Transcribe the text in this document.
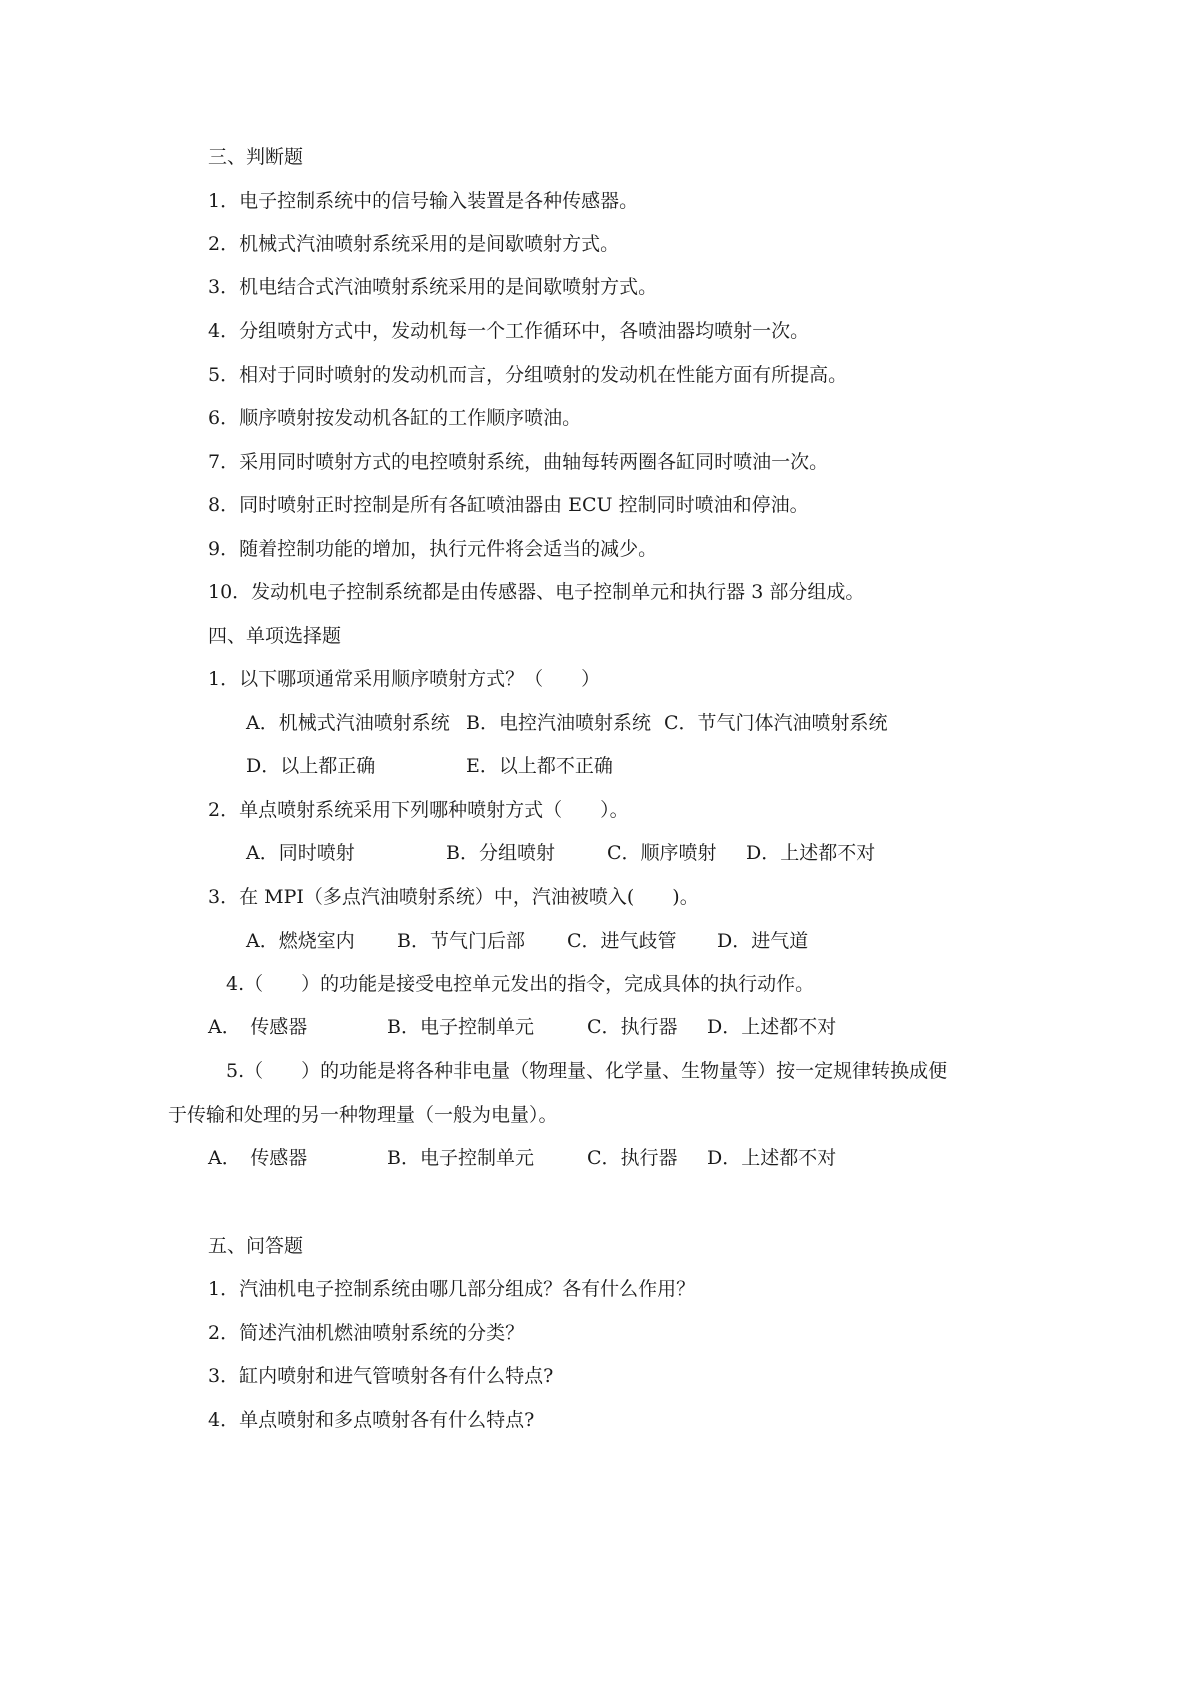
三、判断题
1．电子控制系统中的信号输入装置是各种传感器。
2．机械式汽油喷射系统采用的是间歇喷射方式。
3．机电结合式汽油喷射系统采用的是间歇喷射方式。
4．分组喷射方式中，发动机每一个工作循环中，各喷油器均喷射一次。
5．相对于同时喷射的发动机而言，分组喷射的发动机在性能方面有所提高。
6．顺序喷射按发动机各缸的工作顺序喷油。
7．采用同时喷射方式的电控喷射系统，曲轴每转两圈各缸同时喷油一次。
8．同时喷射正时控制是所有各缸喷油器由 ECU 控制同时喷油和停油。
9．随着控制功能的增加，执行元件将会适当的减少。
10．发动机电子控制系统都是由传感器、电子控制单元和执行器 3 部分组成。
四、单项选择题
1．以下哪项通常采用顺序喷射方式？（　　）
A．机械式汽油喷射系统 B．电控汽油喷射系统 C．节气门体汽油喷射系统
D．以上都正确	E．以上都不正确
2．单点喷射系统采用下列哪种喷射方式（　　）。
A．同时喷射	B．分组喷射	C．顺序喷射 D．上述都不对
3．在 MPI（多点汽油喷射系统）中，汽油被喷入(　　)。
A．燃烧室内 B．节气门后部 C．进气歧管 D．进气道
4.（　　）的功能是接受电控单元发出的指令，完成具体的执行动作。
A．　传感器	B．电子控制单元	C．执行器 D．上述都不对
5.（　　）的功能是将各种非电量（物理量、化学量、生物量等）按一定规律转换成便
于传输和处理的另一种物理量（一般为电量）。
A．　传感器	B．电子控制单元	C．执行器 D．上述都不对
五、问答题
1．汽油机电子控制系统由哪几部分组成？各有什么作用？
2．简述汽油机燃油喷射系统的分类？
3．缸内喷射和进气管喷射各有什么特点?
4．单点喷射和多点喷射各有什么特点?
